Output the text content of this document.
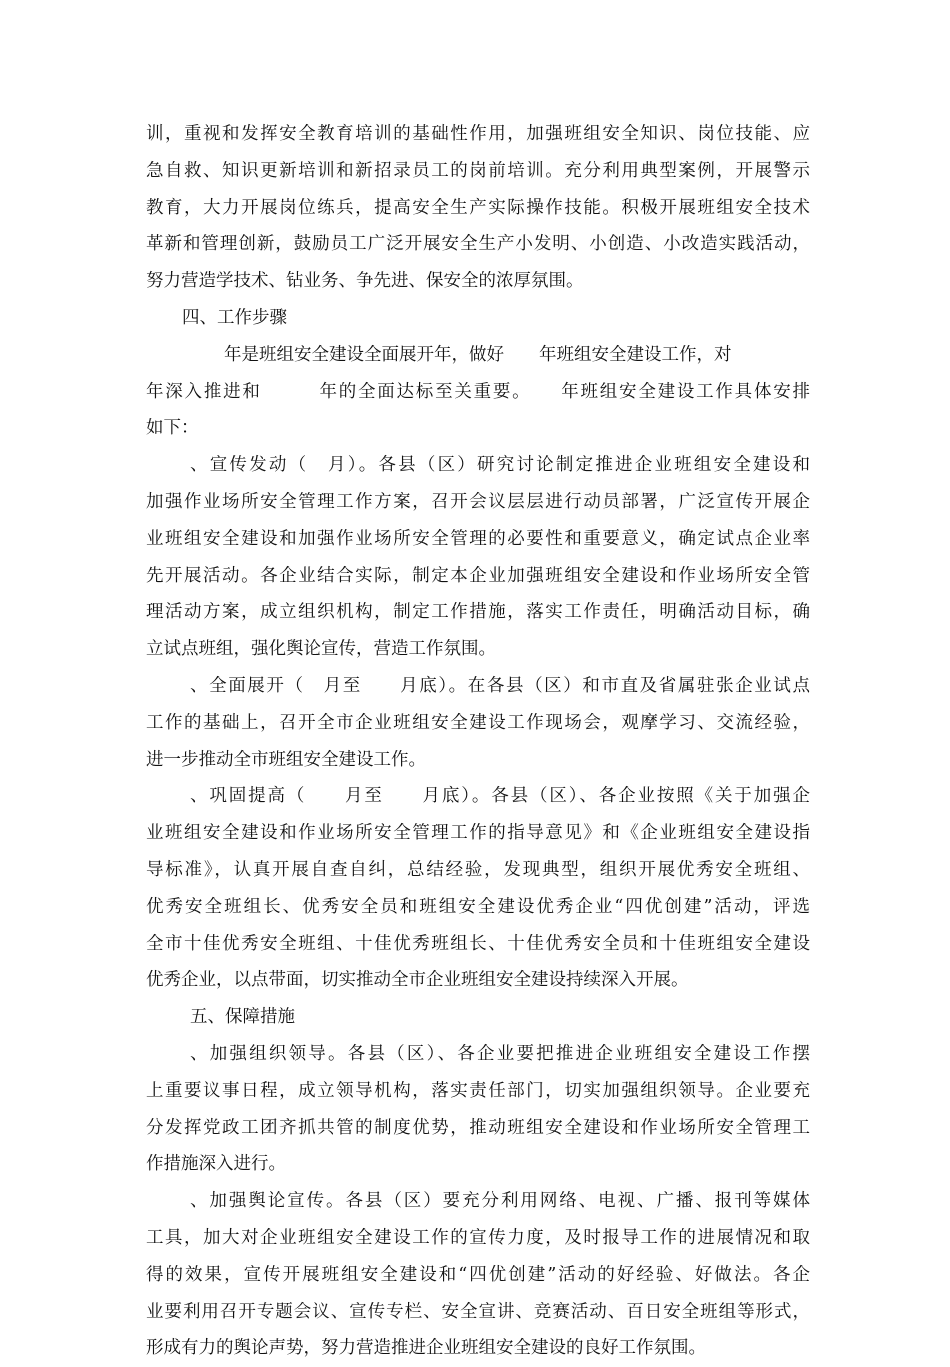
训，重视和发挥安全教育培训的基础性作用，加强班组安全知识、岗位技能、应
急自救、知识更新培训和新招录员工的岗前培训。充分利用典型案例，开展警示
教育，大力开展岗位练兵，提高安全生产实际操作技能。积极开展班组安全技术
革新和管理创新，鼓励员工广泛开展安全生产小发明、小创造、小改造实践活动，
努力营造学技术、钻业务、争先进、保安全的浓厚氛围。
四、工作步骤
年是班组安全建设全面展开年，做好　　年班组安全建设工作，对
年深入推进和　　　年的全面达标至关重要。　　年班组安全建设工作具体安排
如下：
、宣传发动（　月）。各县（区）研究讨论制定推进企业班组安全建设和
加强作业场所安全管理工作方案，召开会议层层进行动员部署，广泛宣传开展企
业班组安全建设和加强作业场所安全管理的必要性和重要意义，确定试点企业率
先开展活动。各企业结合实际，制定本企业加强班组安全建设和作业场所安全管
理活动方案，成立组织机构，制定工作措施，落实工作责任，明确活动目标，确
立试点班组，强化舆论宣传，营造工作氛围。
、全面展开（　月至　　月底）。在各县（区）和市直及省属驻张企业试点
工作的基础上，召开全市企业班组安全建设工作现场会，观摩学习、交流经验，
进一步推动全市班组安全建设工作。
、巩固提高（　　月至　　月底）。各县（区）、各企业按照《关于加强企
业班组安全建设和作业场所安全管理工作的指导意见》和《企业班组安全建设指
导标准》，认真开展自查自纠，总结经验，发现典型，组织开展优秀安全班组、
优秀安全班组长、优秀安全员和班组安全建设优秀企业“四优创建”活动，评选
全市十佳优秀安全班组、十佳优秀班组长、十佳优秀安全员和十佳班组安全建设
优秀企业，以点带面，切实推动全市企业班组安全建设持续深入开展。
五、保障措施
、加强组织领导。各县（区）、各企业要把推进企业班组安全建设工作摆
上重要议事日程，成立领导机构，落实责任部门，切实加强组织领导。企业要充
分发挥党政工团齐抓共管的制度优势，推动班组安全建设和作业场所安全管理工
作措施深入进行。
、加强舆论宣传。各县（区）要充分利用网络、电视、广播、报刊等媒体
工具，加大对企业班组安全建设工作的宣传力度，及时报导工作的进展情况和取
得的效果，宣传开展班组安全建设和“四优创建”活动的好经验、好做法。各企
业要利用召开专题会议、宣传专栏、安全宣讲、竞赛活动、百日安全班组等形式，
形成有力的舆论声势，努力营造推进企业班组安全建设的良好工作氛围。
